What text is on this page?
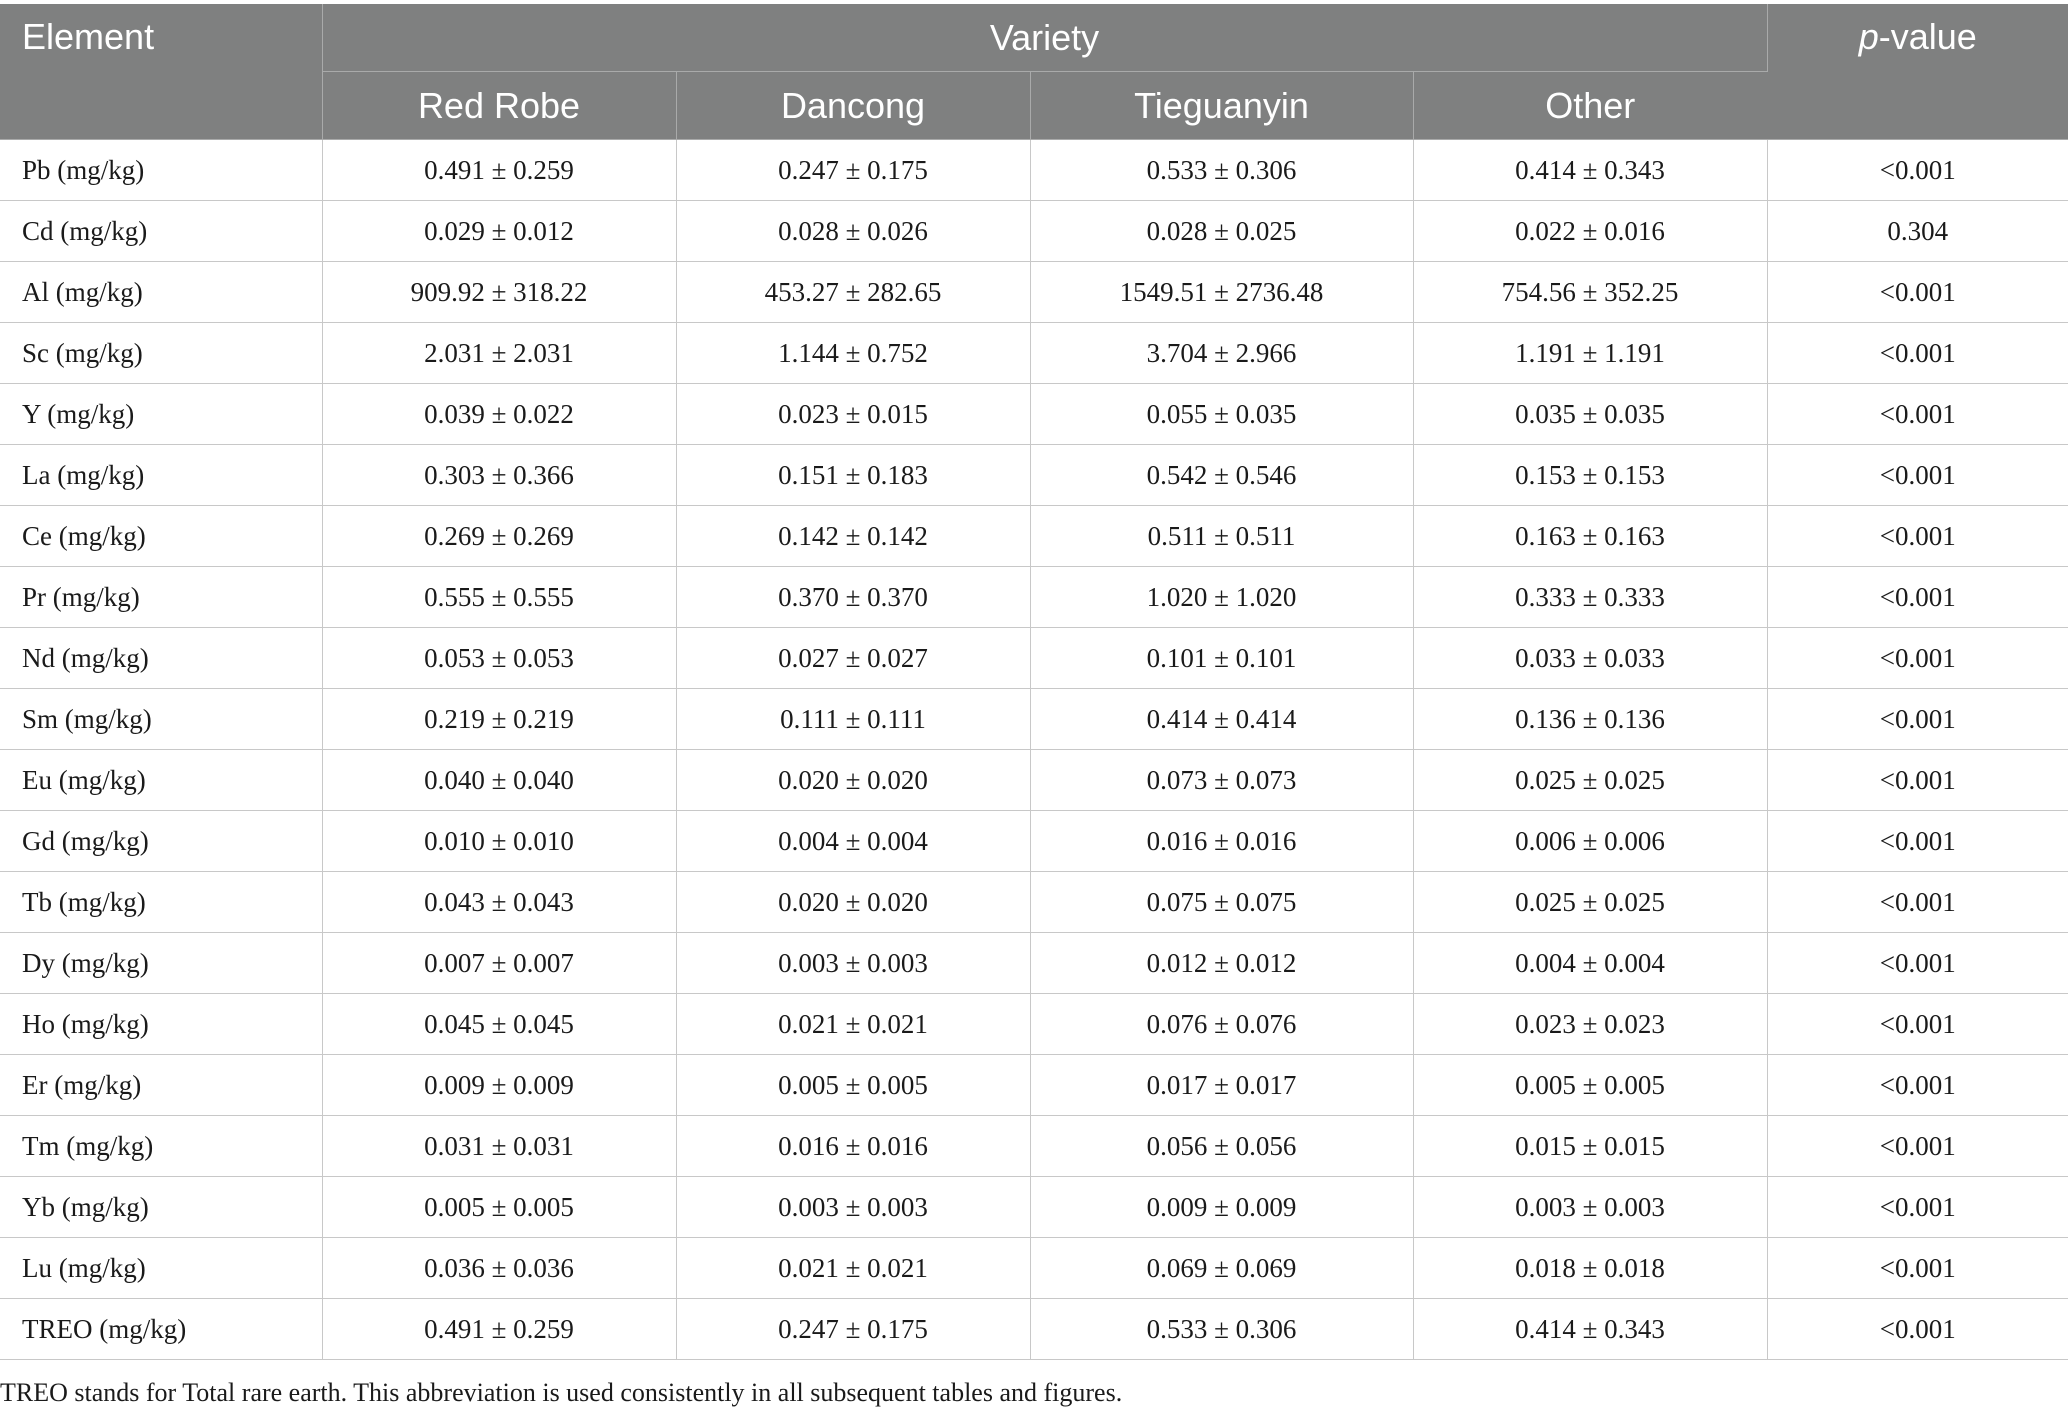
Element	Variety				p-value
	Red Robe	Dancong	Tieguanyin	Other	
Pb (mg/kg)	0.491 ± 0.259	0.247 ± 0.175	0.533 ± 0.306	0.414 ± 0.343	<0.001
Cd (mg/kg)	0.029 ± 0.012	0.028 ± 0.026	0.028 ± 0.025	0.022 ± 0.016	0.304
Al (mg/kg)	909.92 ± 318.22	453.27 ± 282.65	1549.51 ± 2736.48	754.56 ± 352.25	<0.001
Sc (mg/kg)	2.031 ± 2.031	1.144 ± 0.752	3.704 ± 2.966	1.191 ± 1.191	<0.001
Y (mg/kg)	0.039 ± 0.022	0.023 ± 0.015	0.055 ± 0.035	0.035 ± 0.035	<0.001
La (mg/kg)	0.303 ± 0.366	0.151 ± 0.183	0.542 ± 0.546	0.153 ± 0.153	<0.001
Ce (mg/kg)	0.269 ± 0.269	0.142 ± 0.142	0.511 ± 0.511	0.163 ± 0.163	<0.001
Pr (mg/kg)	0.555 ± 0.555	0.370 ± 0.370	1.020 ± 1.020	0.333 ± 0.333	<0.001
Nd (mg/kg)	0.053 ± 0.053	0.027 ± 0.027	0.101 ± 0.101	0.033 ± 0.033	<0.001
Sm (mg/kg)	0.219 ± 0.219	0.111 ± 0.111	0.414 ± 0.414	0.136 ± 0.136	<0.001
Eu (mg/kg)	0.040 ± 0.040	0.020 ± 0.020	0.073 ± 0.073	0.025 ± 0.025	<0.001
Gd (mg/kg)	0.010 ± 0.010	0.004 ± 0.004	0.016 ± 0.016	0.006 ± 0.006	<0.001
Tb (mg/kg)	0.043 ± 0.043	0.020 ± 0.020	0.075 ± 0.075	0.025 ± 0.025	<0.001
Dy (mg/kg)	0.007 ± 0.007	0.003 ± 0.003	0.012 ± 0.012	0.004 ± 0.004	<0.001
Ho (mg/kg)	0.045 ± 0.045	0.021 ± 0.021	0.076 ± 0.076	0.023 ± 0.023	<0.001
Er (mg/kg)	0.009 ± 0.009	0.005 ± 0.005	0.017 ± 0.017	0.005 ± 0.005	<0.001
Tm (mg/kg)	0.031 ± 0.031	0.016 ± 0.016	0.056 ± 0.056	0.015 ± 0.015	<0.001
Yb (mg/kg)	0.005 ± 0.005	0.003 ± 0.003	0.009 ± 0.009	0.003 ± 0.003	<0.001
Lu (mg/kg)	0.036 ± 0.036	0.021 ± 0.021	0.069 ± 0.069	0.018 ± 0.018	<0.001
TREO (mg/kg)	0.491 ± 0.259	0.247 ± 0.175	0.533 ± 0.306	0.414 ± 0.343	<0.001
TREO stands for Total rare earth. This abbreviation is used consistently in all subsequent tables and figures.
